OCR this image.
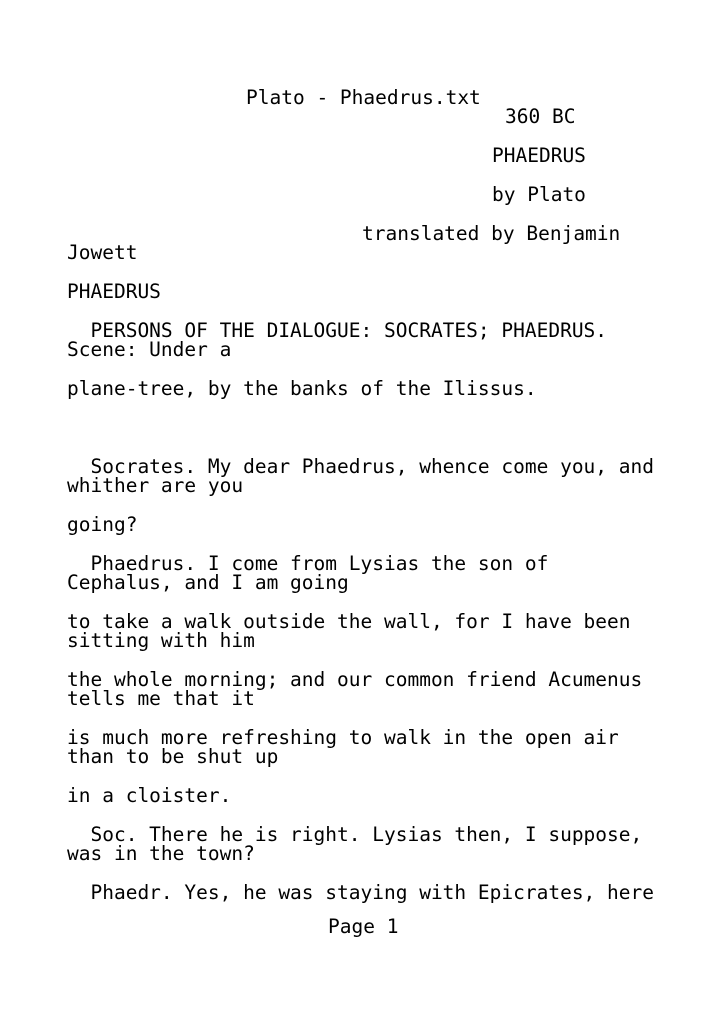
Plato - Phaedrus.txt
360 BC
PHAEDRUS
by Plato
translated by Benjamin
Jowett
PHAEDRUS
PERSONS OF THE DIALOGUE: SOCRATES; PHAEDRUS.
Scene: Under a
plane-tree, by the banks of the Ilissus.
Socrates. My dear Phaedrus, whence come you, and
whither are you
going?
Phaedrus. I come from Lysias the son of
Cephalus, and I am going
to take a walk outside the wall, for I have been
sitting with him
the whole morning; and our common friend Acumenus
tells me that it
is much more refreshing to walk in the open air
than to be shut up
in a cloister.
Soc. There he is right. Lysias then, I suppose,
was in the town?
Phaedr. Yes, he was staying with Epicrates, here
Page 1
